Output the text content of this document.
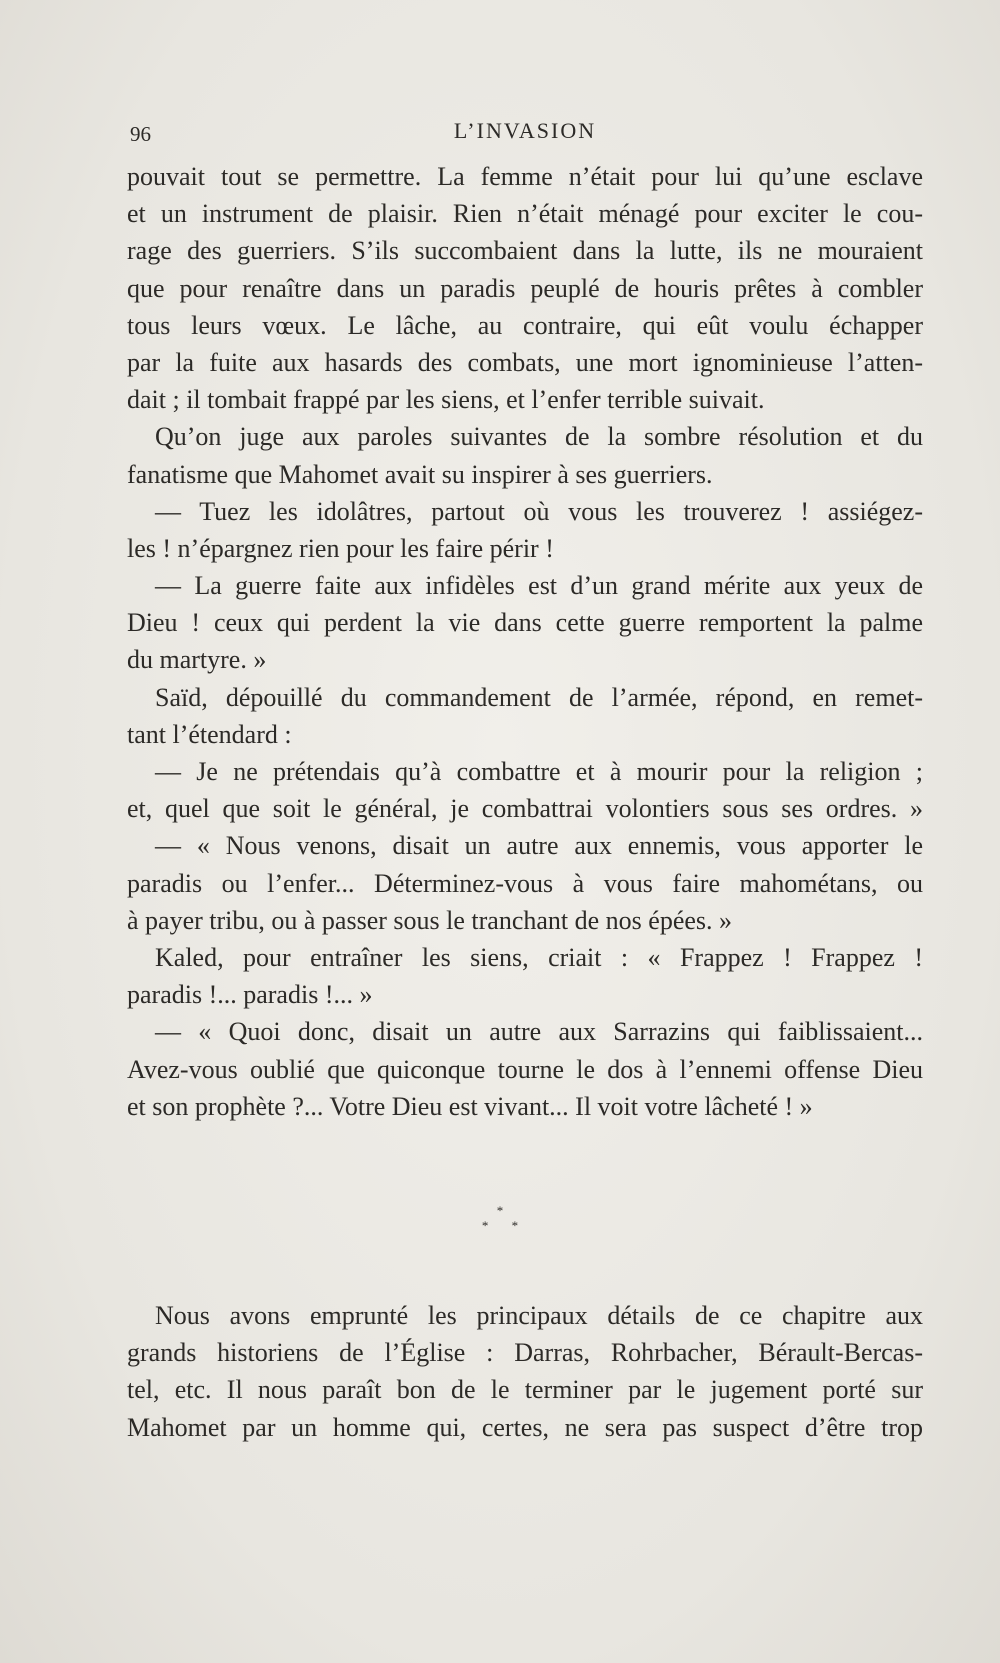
96	L’INVASION
pouvait tout se permettre. La femme n’était pour lui qu’une esclave
et un instrument de plaisir. Rien n’était ménagé pour exciter le cou-
rage des guerriers. S’ils succombaient dans la lutte, ils ne mouraient
que pour renaître dans un paradis peuplé de houris prêtes à combler
tous leurs vœux. Le lâche, au contraire, qui eût voulu échapper
par la fuite aux hasards des combats, une mort ignominieuse l’atten-
dait ; il tombait frappé par les siens, et l’enfer terrible suivait.
Qu’on juge aux paroles suivantes de la sombre résolution et du
fanatisme que Mahomet avait su inspirer à ses guerriers.
— Tuez les idolâtres, partout où vous les trouverez ! assiégez-
les ! n’épargnez rien pour les faire périr !
— La guerre faite aux infidèles est d’un grand mérite aux yeux de
Dieu ! ceux qui perdent la vie dans cette guerre remportent la palme
du martyre. »
Saïd, dépouillé du commandement de l’armée, répond, en remet-
tant l’étendard :
— Je ne prétendais qu’à combattre et à mourir pour la religion ;
et, quel que soit le général, je combattrai volontiers sous ses ordres. »
— « Nous venons, disait un autre aux ennemis, vous apporter le
paradis ou l’enfer... Déterminez-vous à vous faire mahométans, ou
à payer tribu, ou à passer sous le tranchant de nos épées. »
Kaled, pour entraîner les siens, criait : « Frappez ! Frappez !
paradis !... paradis !... »
— « Quoi donc, disait un autre aux Sarrazins qui faiblissaient...
Avez-vous oublié que quiconque tourne le dos à l’ennemi offense Dieu
et son prophète ?... Votre Dieu est vivant... Il voit votre lâcheté ! »
*
* *
Nous avons emprunté les principaux détails de ce chapitre aux
grands historiens de l’Église : Darras, Rohrbacher, Bérault-Bercas-
tel, etc. Il nous paraît bon de le terminer par le jugement porté sur
Mahomet par un homme qui, certes, ne sera pas suspect d’être trop
